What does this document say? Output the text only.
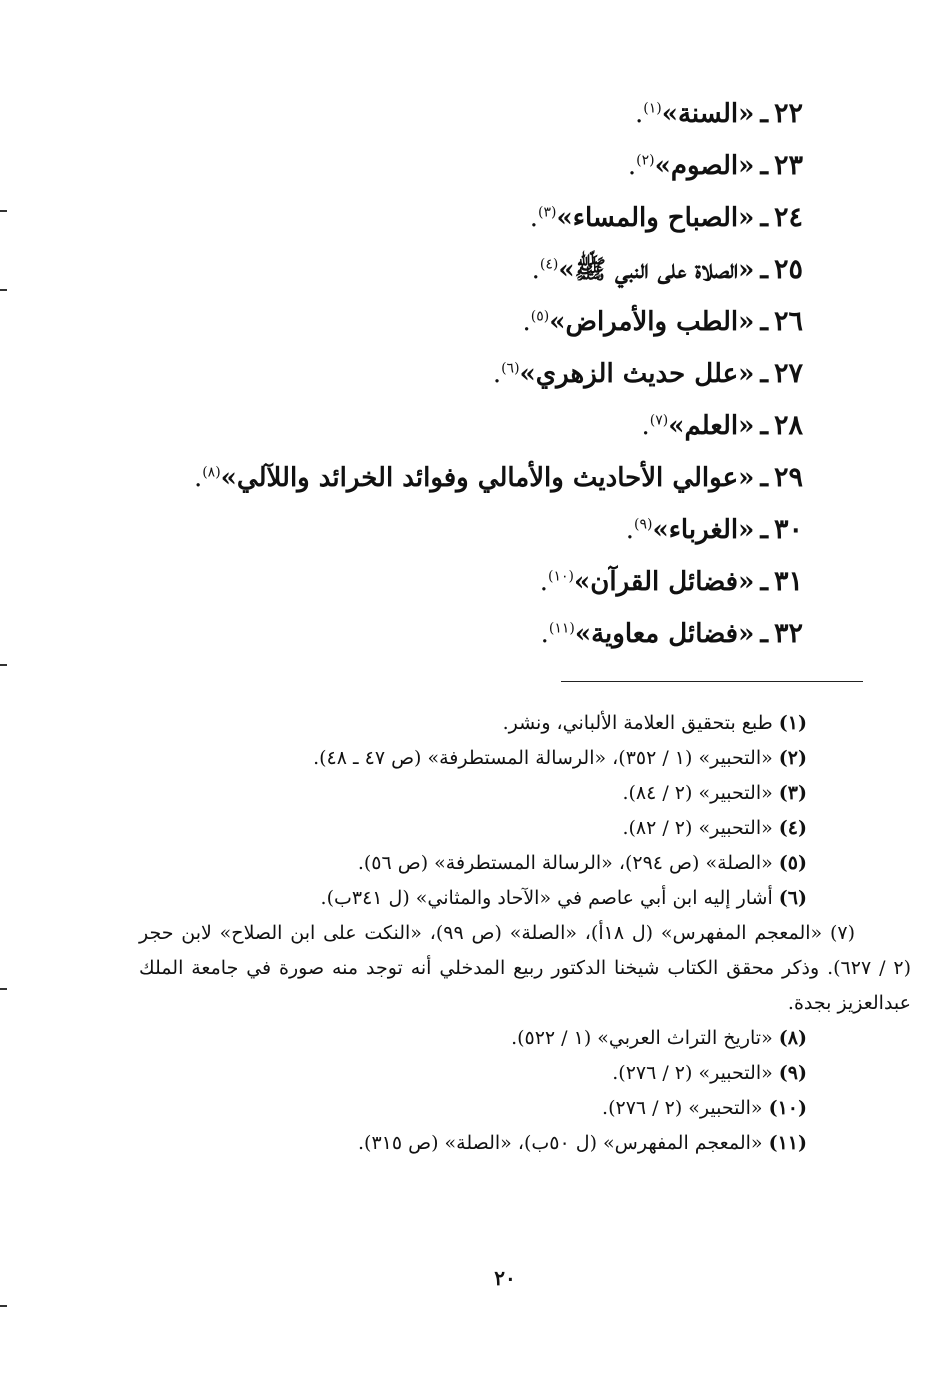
٢٢ـ«السنة»$^{(١)}$.
٢٣ـ«الصوم»$^{(٢)}$.
٢٤ـ«الصباح والمساء»$^{(٣)}$.
٢٥ـ«الصلاة على النبي ﷺ»$^{(٤)}$.
٢٦ـ«الطب والأمراض»$^{(٥)}$.
٢٧ـ«علل حديث الزهري»$^{(٦)}$.
٢٨ـ«العلم»$^{(٧)}$.
٢٩ـ«عوالي الأحاديث والأمالي وفوائد الخرائد واللآلي»$^{(٨)}$.
٣٠ـ«الغرباء»$^{(٩)}$.
٣١ـ«فضائل القرآن»$^{(١٠)}$.
٣٢ـ«فضائل معاوية»$^{(١١)}$.
(١) طبع بتحقيق العلامة الألباني، ونشر.
(٢) «التحبير» (١ / ٣٥٢)، «الرسالة المستطرفة» (ص ٤٧ ـ ٤٨).
(٣) «التحبير» (٢ / ٨٤).
(٤) «التحبير» (٢ / ٨٢).
(٥) «الصلة» (ص ٢٩٤)، «الرسالة المستطرفة» (ص ٥٦).
(٦) أشار إليه ابن أبي عاصم في «الآحاد والمثاني» (ل ٣٤١ب).
(٧) «المعجم المفهرس» (ل ١٨أ)، «الصلة» (ص ٩٩)، «النكت على ابن الصلاح» لابن حجر (٢ / ٦٢٧). وذكر محقق الكتاب شيخنا الدكتور ربيع المدخلي أنه توجد منه صورة في جامعة الملك عبدالعزيز بجدة.
(٨) «تاريخ التراث العربي» (١ / ٥٢٢).
(٩) «التحبير» (٢ / ٢٧٦).
(١٠) «التحبير» (٢ / ٢٧٦).
(١١) «المعجم المفهرس» (ل ٥٠ب)، «الصلة» (ص ٣١٥).
٢٠
